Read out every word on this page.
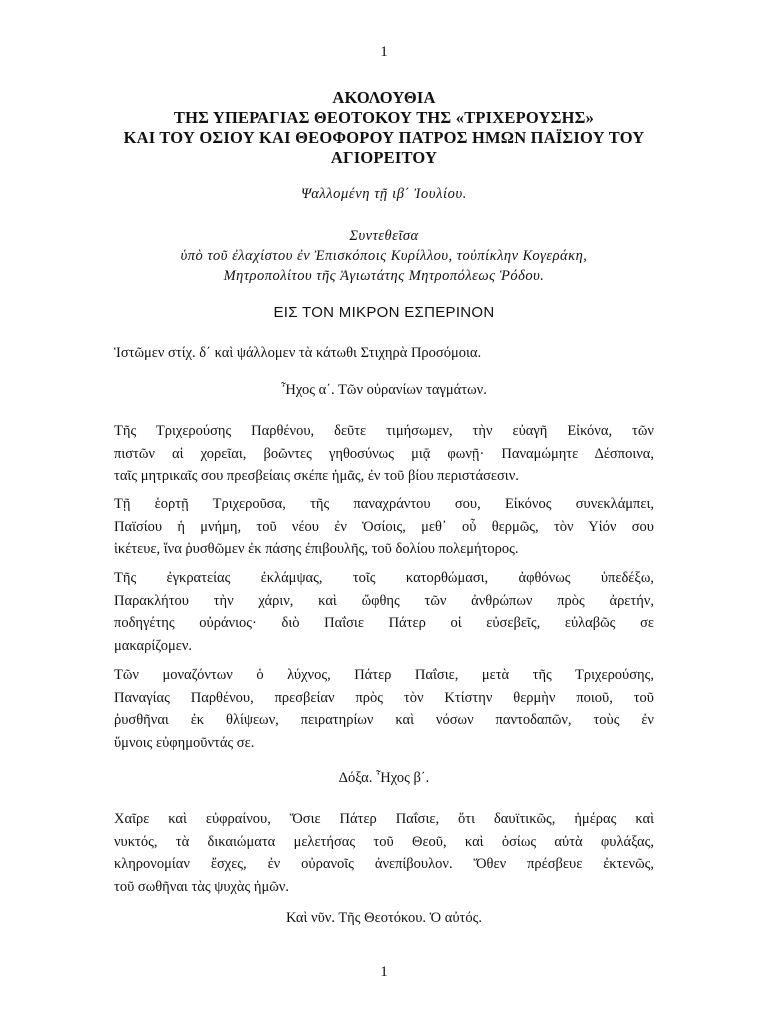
1
ΑΚΟΛΟΥΘΙΑ
ΤΗΣ ΥΠΕΡΑΓΙΑΣ ΘΕΟΤΟΚΟΥ ΤΗΣ «ΤΡΙΧΕΡΟΥΣΗΣ»
ΚΑΙ ΤΟΥ ΟΣΙΟΥ ΚΑΙ ΘΕΟΦΟΡΟΥ ΠΑΤΡΟΣ ΗΜΩΝ ΠΑΪΣΙΟΥ ΤΟΥ
ΑΓΙΟΡΕΙΤΟΥ
Ψαλλομένη τῇ ιβ΄ Ἰουλίου.
Συντεθεῖσα
ὑπὸ τοῦ ἐλαχίστου ἐν Ἐπισκόποις Κυρίλλου, τοὐπίκλην Κογεράκη,
Μητροπολίτου τῆς Ἁγιωτάτης Μητροπόλεως Ῥόδου.
ΕΙΣ ΤΟΝ ΜΙΚΡΟΝ ΕΣΠΕΡΙΝΟΝ
Ἱστῶμεν στίχ. δ΄ καὶ ψάλλομεν τὰ κάτωθι Στιχηρὰ Προσόμοια.
Ἦχος α΄. Τῶν οὐρανίων ταγμάτων.
Τῆς Τριχερούσης Παρθένου, δεῦτε τιμήσωμεν, τὴν εὐαγῆ Εἰκόνα, τῶν
πιστῶν αἱ χορεῖαι, βοῶντες γηθοσύνως μιᾷ φωνῇ· Παναμώμητε Δέσποινα,
ταῖς μητρικαῖς σου πρεσβείαις σκέπε ἡμᾶς, ἐν τοῦ βίου περιστάσεσιν.
Τῇ ἑορτῇ Τριχεροῦσα, τῆς παναχράντου σου, Εἰκόνος συνεκλάμπει,
Παϊσίου ἡ μνήμη, τοῦ νέου ἐν Ὁσίοις, μεθ᾽ οὗ θερμῶς, τὸν Υἱόν σου
ἱκέτευε, ἵνα ῥυσθῶμεν ἐκ πάσης ἐπιβουλῆς, τοῦ δολίου πολεμήτορος.
Τῆς ἐγκρατείας ἐκλάμψας, τοῖς κατορθώμασι, ἀφθόνως ὑπεδέξω,
Παρακλήτου τὴν χάριν, καὶ ὤφθης τῶν ἀνθρώπων πρὸς ἀρετήν,
ποδηγέτης οὐράνιος· διὸ Παΐσιε Πάτερ οἱ εὐσεβεῖς, εὐλαβῶς σε
μακαρίζομεν.
Τῶν μοναζόντων ὁ λύχνος, Πάτερ Παΐσιε, μετὰ τῆς Τριχερούσης,
Παναγίας Παρθένου, πρεσβείαν πρὸς τὸν Κτίστην θερμὴν ποιοῦ, τοῦ
ῥυσθῆναι ἐκ θλίψεων, πειρατηρίων καὶ νόσων παντοδαπῶν, τοὺς ἐν
ὕμνοις εὐφημοῦντάς σε.
Δόξα. Ἦχος β΄.
Χαῖρε καὶ εὐφραίνου, Ὅσιε Πάτερ Παΐσιε, ὅτι δαυϊτικῶς, ἡμέρας καὶ
νυκτός, τὰ δικαιώματα μελετήσας τοῦ Θεοῦ, καὶ ὁσίως αὐτὰ φυλάξας,
κληρονομίαν ἔσχες, ἐν οὐρανοῖς ἀνεπίβουλον. Ὅθεν πρέσβευε ἐκτενῶς,
τοῦ σωθῆναι τὰς ψυχὰς ἡμῶν.
Καὶ νῦν. Τῆς Θεοτόκου. Ὁ αὐτός.
1
